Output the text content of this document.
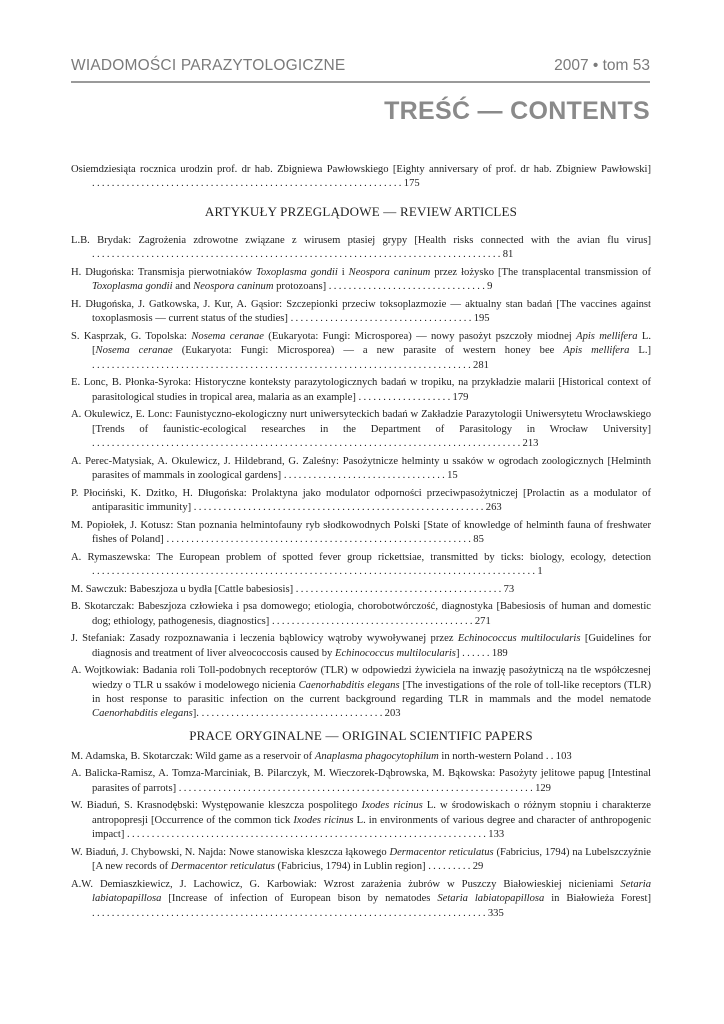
WIADOMOŚCI PARAZYTOLOGICZNE	2007 • tom 53
TREŚĆ — CONTENTS

Osiemdziesiąta rocznica urodzin prof. dr hab. Zbigniewa Pawłowskiego [Eighty anniversary of prof. dr hab. Zbigniew Pawłowski] ...............................................................175

ARTYKUŁY PRZEGLĄDOWE — REVIEW ARTICLES

L.B. Brydak: Zagrożenia zdrowotne związane z wirusem ptasiej grypy [Health risks connected with the avian flu virus] ...................................................................................81

H. Długońska: Transmisja pierwotniaków Toxoplasma gondii i Neospora caninum przez łożysko [The transplacental transmission of Toxoplasma gondii and Neospora caninum protozoans] ................................9

H. Długońska, J. Gatkowska, J. Kur, A. Gąsior: Szczepionki przeciw toksoplazmozie — aktualny stan badań [The vaccines against toxoplasmosis — current status of the studies] .....................................195

S. Kasprzak, G. Topolska: Nosema ceranae (Eukaryota: Fungi: Microsporea) — nowy pasożyt pszczoły miodnej Apis mellifera L. [Nosema ceranae (Eukaryota: Fungi: Microsporea) — a new parasite of western honey bee Apis mellifera L.] .............................................................................281

E. Lonc, B. Płonka-Syroka: Historyczne konteksty parazytologicznych badań w tropiku, na przykładzie malarii [Historical context of parasitological studies in tropical area, malaria as an example] ...................179

A. Okulewicz, E. Lonc: Faunistyczno-ekologiczny nurt uniwersyteckich badań w Zakładzie Parazytologii Uniwersytetu Wrocławskiego [Trends of faunistic-ecological researches in the Department of Parasitology in Wrocław University] .......................................................................................213

A. Perec-Matysiak, A. Okulewicz, J. Hildebrand, G. Zaleśny: Pasożytnicze helminty u ssaków w ogrodach zoologicznych [Helminth parasites of mammals in zoological gardens] .................................15

P. Płociński, K. Dzitko, H. Długońska: Prolaktyna jako modulator odporności przeciwpasożytniczej [Prolactin as a modulator of antiparasitic immunity] ...........................................................263

M. Popiołek, J. Kotusz: Stan poznania helmintofauny ryb słodkowodnych Polski [State of knowledge of helminth fauna of freshwater fishes of Poland] ..............................................................85

A. Rymaszewska: The European problem of spotted fever group rickettsiae, transmitted by ticks: biology, ecology, detection ..........................................................................................1

M. Sawczuk: Babeszjoza u bydła [Cattle babesiosis] ..........................................73

B. Skotarczak: Babeszjoza człowieka i psa domowego; etiologia, chorobotwórczość, diagnostyka [Babesiosis of human and domestic dog; ethiology, pathogenesis, diagnostics] .........................................271

J. Stefaniak: Zasady rozpoznawania i leczenia bąblowicy wątroby wywoływanej przez Echinococcus multilocularis [Guidelines for diagnosis and treatment of liver alveococcosis caused by Echinococcus multilocularis] ......189

A. Wojtkowiak: Badania roli Toll-podobnych receptorów (TLR) w odpowiedzi żywiciela na inwazję pasożytniczą na tle współczesnej wiedzy o TLR u ssaków i modelowego nicienia Caenorhabditis elegans [The investigations of the role of toll-like receptors (TLR) in host response to parasitic infection on the current background regarding TLR in mammals and the model nematode Caenorhabditis elegans]. .....................................203

PRACE ORYGINALNE — ORIGINAL SCIENTIFIC PAPERS

M. Adamska, B. Skotarczak: Wild game as a reservoir of Anaplasma phagocytophilum in north-western Poland ..103

A. Balicka-Ramisz, A. Tomza-Marciniak, B. Pilarczyk, M. Wieczorek-Dąbrowska, M. Bąkowska: Pasożyty jelitowe papug [Intestinal parasites of parrots] ........................................................................129

W. Biaduń, S. Krasnodębski: Występowanie kleszcza pospolitego Ixodes ricinus L. w środowiskach o różnym stopniu i charakterze antropopresji [Occurrence of the common tick Ixodes ricinus L. in environments of various degree and character of anthropogenic impact] .........................................................................133

W. Biaduń, J. Chybowski, N. Najda: Nowe stanowiska kleszcza łąkowego Dermacentor reticulatus (Fabricius, 1794) na Lubelszczyźnie [A new records of Dermacentor reticulatus (Fabricius, 1794) in Lublin region] .........29

A.W. Demiaszkiewicz, J. Lachowicz, G. Karbowiak: Wzrost zarażenia żubrów w Puszczy Białowieskiej nicieniami Setaria labiatopapillosa [Increase of infection of European bison by nematodes Setaria labiatopapillosa in Białowieża Forest] ................................................................................335
